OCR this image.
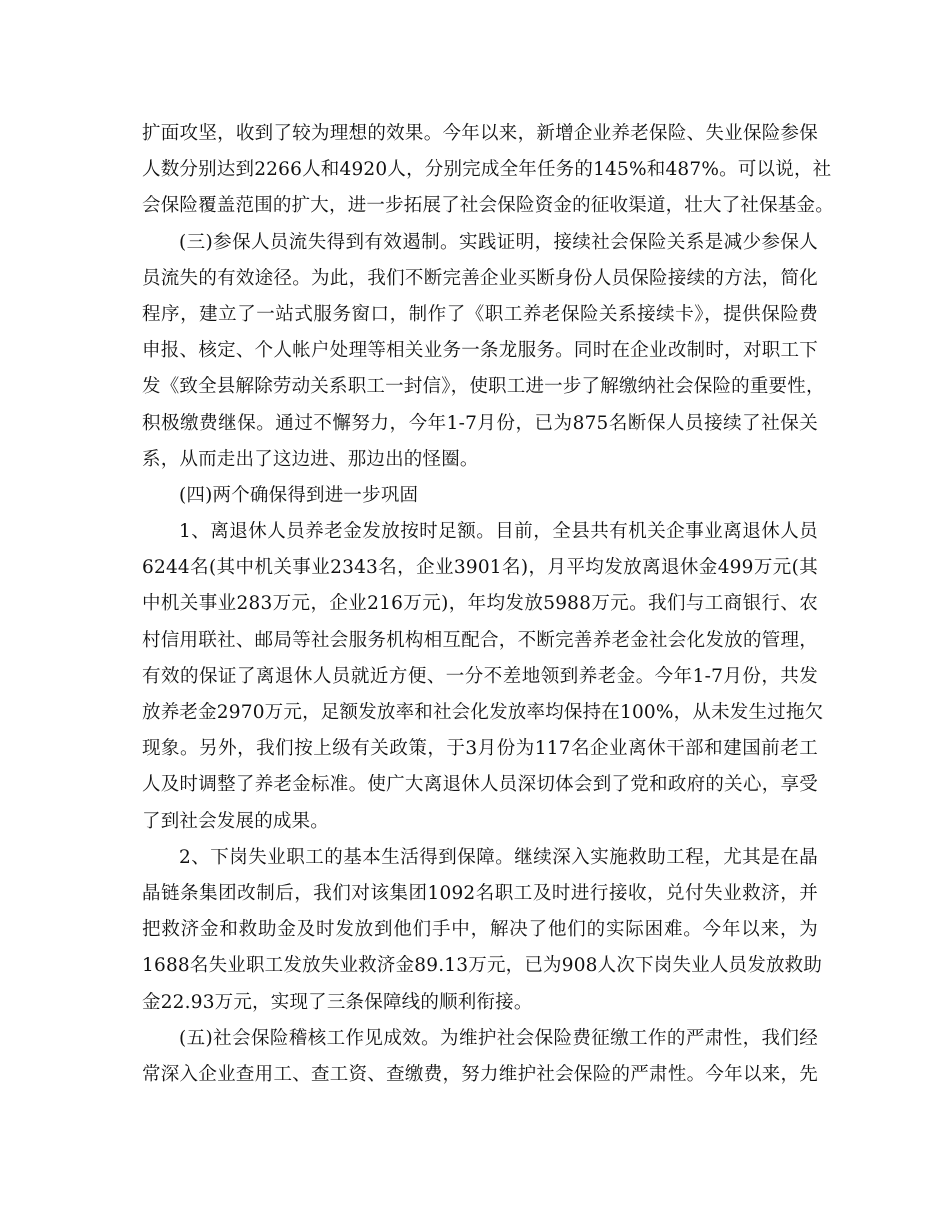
扩面攻坚，收到了较为理想的效果。今年以来，新增企业养老保险、失业保险参保
人数分别达到2266人和4920人，分别完成全年任务的145%和487%。可以说，社
会保险覆盖范围的扩大，进一步拓展了社会保险资金的征收渠道，壮大了社保基金。
(三)参保人员流失得到有效遏制。实践证明，接续社会保险关系是减少参保人
员流失的有效途径。为此，我们不断完善企业买断身份人员保险接续的方法，简化
程序，建立了一站式服务窗口，制作了《职工养老保险关系接续卡》，提供保险费
申报、核定、个人帐户处理等相关业务一条龙服务。同时在企业改制时，对职工下
发《致全县解除劳动关系职工一封信》，使职工进一步了解缴纳社会保险的重要性，
积极缴费继保。通过不懈努力，今年1-7月份，已为875名断保人员接续了社保关
系，从而走出了这边进、那边出的怪圈。
(四)两个确保得到进一步巩固
1、离退休人员养老金发放按时足额。目前，全县共有机关企事业离退休人员
6244名(其中机关事业2343名，企业3901名)，月平均发放离退休金499万元(其
中机关事业283万元，企业216万元)，年均发放5988万元。我们与工商银行、农
村信用联社、邮局等社会服务机构相互配合，不断完善养老金社会化发放的管理，
有效的保证了离退休人员就近方便、一分不差地领到养老金。今年1-7月份，共发
放养老金2970万元，足额发放率和社会化发放率均保持在100%，从未发生过拖欠
现象。另外，我们按上级有关政策，于3月份为117名企业离休干部和建国前老工
人及时调整了养老金标准。使广大离退休人员深切体会到了党和政府的关心，享受
了到社会发展的成果。
2、下岗失业职工的基本生活得到保障。继续深入实施救助工程，尤其是在晶
晶链条集团改制后，我们对该集团1092名职工及时进行接收，兑付失业救济，并
把救济金和救助金及时发放到他们手中，解决了他们的实际困难。今年以来，为
1688名失业职工发放失业救济金89.13万元，已为908人次下岗失业人员发放救助
金22.93万元，实现了三条保障线的顺利衔接。
(五)社会保险稽核工作见成效。为维护社会保险费征缴工作的严肃性，我们经
常深入企业查用工、查工资、查缴费，努力维护社会保险的严肃性。今年以来，先
